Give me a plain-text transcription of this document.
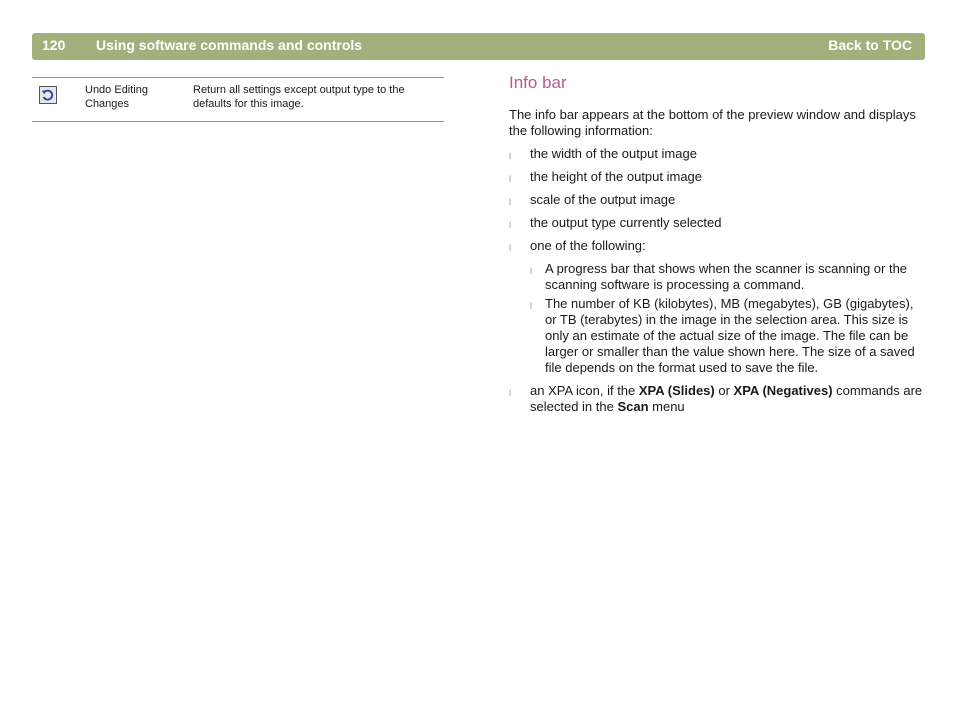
120 Using software commands and controls	Back to TOC
Undo Editing Changes
Return all settings except output type to the defaults for this image.
Info bar

The info bar appears at the bottom of the preview window and displays the following information:

l the width of the output image
l the height of the output image
l scale of the output image
l the output type currently selected
l one of the following:
l A progress bar that shows when the scanner is scanning or the scanning software is processing a command.
l The number of KB (kilobytes), MB (megabytes), GB (gigabytes), or TB (terabytes) in the image in the selection area. This size is only an estimate of the actual size of the image. The file can be larger or smaller than the value shown here. The size of a saved file depends on the format used to save the file.
l an XPA icon, if the XPA (Slides) or XPA (Negatives) commands are selected in the Scan menu
